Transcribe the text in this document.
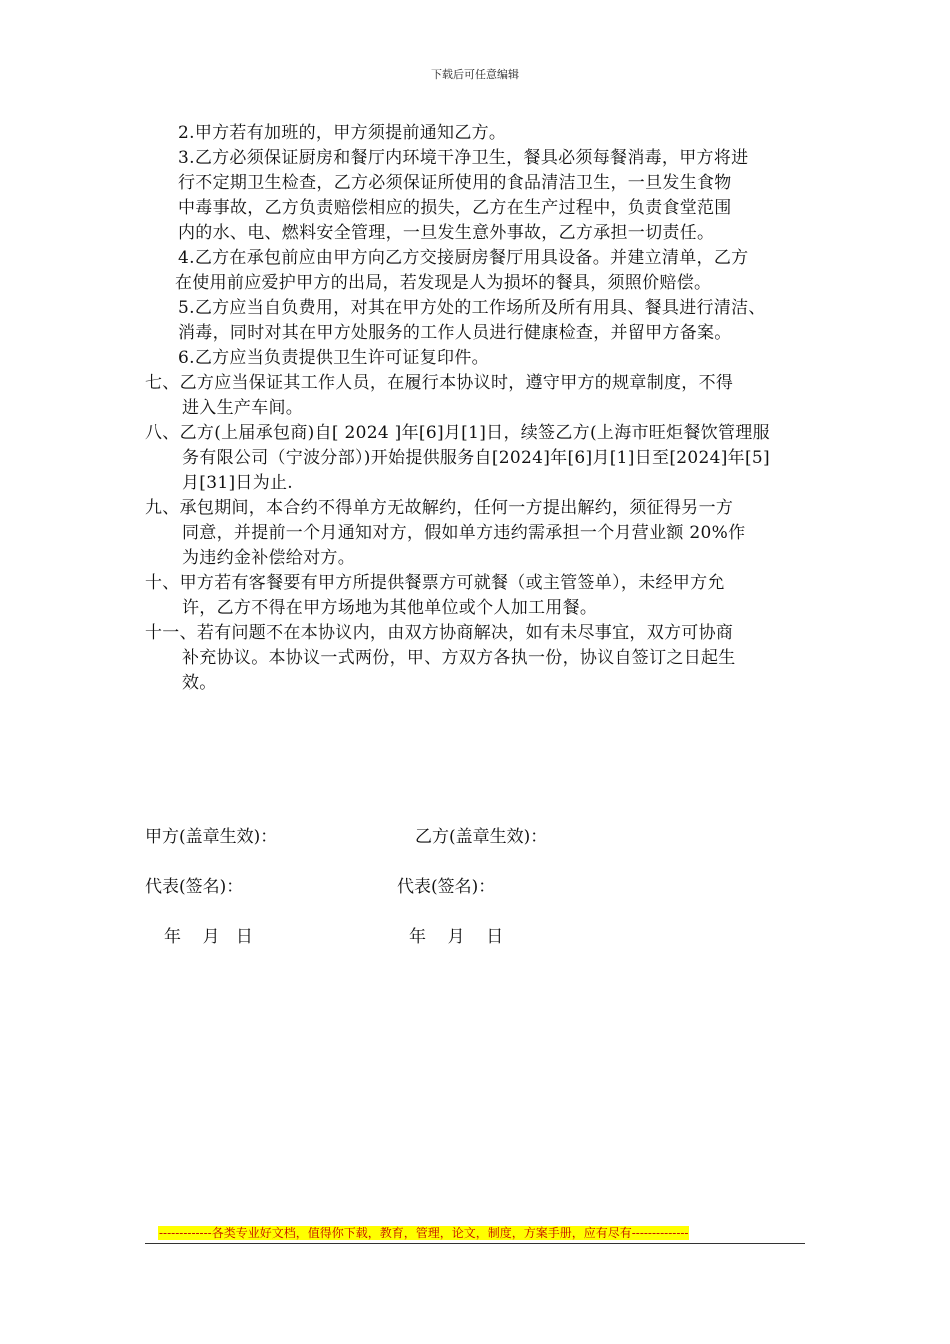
下载后可任意编辑

2.甲方若有加班的，甲方须提前通知乙方。

3.乙方必须保证厨房和餐厅内环境干净卫生，餐具必须每餐消毒，甲方将进

行不定期卫生检查，乙方必须保证所使用的食品清洁卫生，一旦发生食物

中毒事故，乙方负责赔偿相应的损失，乙方在生产过程中，负责食堂范围

内的水、电、燃料安全管理，一旦发生意外事故，乙方承担一切责任。

4.乙方在承包前应由甲方向乙方交接厨房餐厅用具设备。并建立清单，乙方

在使用前应爱护甲方的出局，若发现是人为损坏的餐具，须照价赔偿。

5.乙方应当自负费用，对其在甲方处的工作场所及所有用具、餐具进行清洁、

消毒，同时对其在甲方处服务的工作人员进行健康检查，并留甲方备案。

6.乙方应当负责提供卫生许可证复印件。

七、乙方应当保证其工作人员，在履行本协议时，遵守甲方的规章制度，不得

进入生产车间。

八、乙方(上届承包商)自[ 2024 ]年[6]月[1]日，续签乙方(上海市旺炬餐饮管理服

务有限公司（宁波分部）)开始提供服务自[2024]年[6]月[1]日至[2024]年[5]

月[31]日为止.

九、承包期间，本合约不得单方无故解约，任何一方提出解约，须征得另一方

同意，并提前一个月通知对方，假如单方违约需承担一个月营业额 20%作

为违约金补偿给对方。

十、甲方若有客餐要有甲方所提供餐票方可就餐（或主管签单），未经甲方允

许，乙方不得在甲方场地为其他单位或个人加工用餐。

十一、若有问题不在本协议内，由双方协商解决，如有未尽事宜，双方可协商

补充协议。本协议一式两份，甲、方双方各执一份，协议自签订之日起生

效。

甲方(盖章生效)：	乙方(盖章生效)：
代表(签名)：	代表(签名)：
年    月   日	年    月    日
-------------各类专业好文档，值得你下载，教育，管理，论文，制度，方案手册，应有尽有--------------
